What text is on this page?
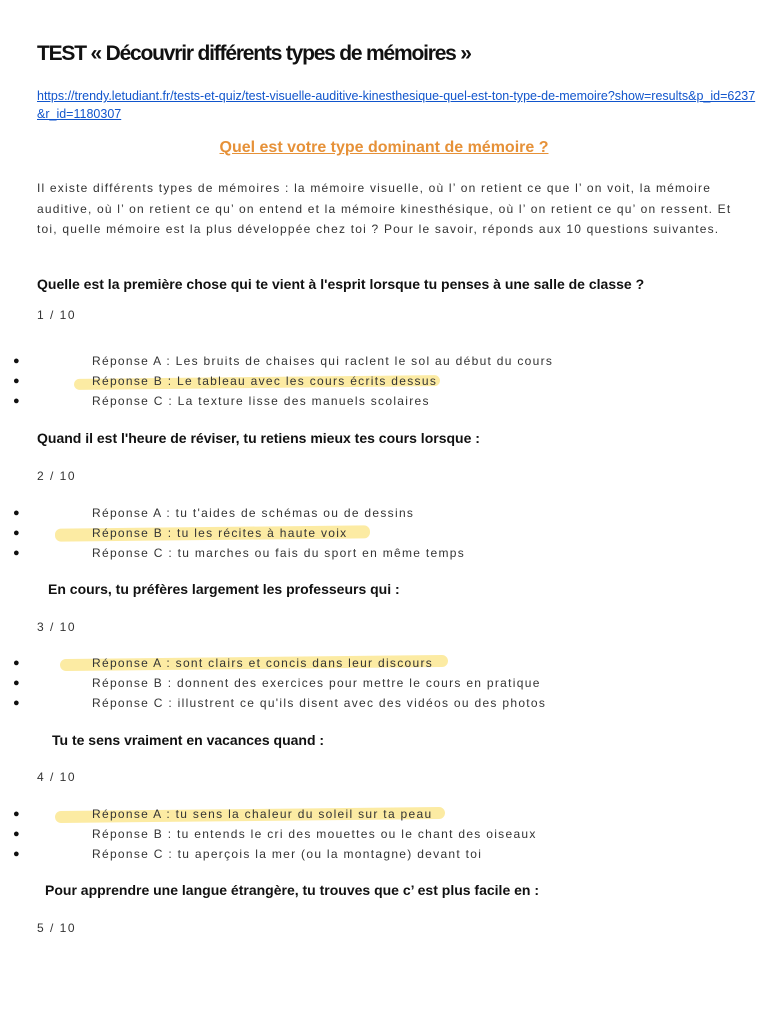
TEST « Découvrir différents types de mémoires »
https://trendy.letudiant.fr/tests-et-quiz/test-visuelle-auditive-kinesthesique-quel-est-ton-type-de-memoire?show=results&p_id=6237&r_id=1180307
Quel est votre type dominant de mémoire ?
Il existe différents types de mémoires : la mémoire visuelle, où l’ on retient ce que l’ on voit, la mémoire auditive, où l’ on retient ce qu’ on entend et la mémoire kinesthésique, où l’ on retient ce qu’ on ressent. Et toi, quelle mémoire est la plus développée chez toi ? Pour le savoir, réponds aux 10 questions suivantes.
Quelle est la première chose qui te vient à l'esprit lorsque tu penses à une salle de classe ?
1 / 10
●	Réponse A : Les bruits de chaises qui raclent le sol au début du cours
●	Réponse B : Le tableau avec les cours écrits dessus
●	Réponse C : La texture lisse des manuels scolaires
Quand il est l'heure de réviser, tu retiens mieux tes cours lorsque :
2 / 10
●	Réponse A : tu t'aides de schémas ou de dessins
●	Réponse B : tu les récites à haute voix
●	Réponse C : tu marches ou fais du sport en même temps
En cours, tu préfères largement les professeurs qui :
3 / 10
●	Réponse A : sont clairs et concis dans leur discours
●	Réponse B : donnent des exercices pour mettre le cours en pratique
●	Réponse C : illustrent ce qu'ils disent avec des vidéos ou des photos
Tu te sens vraiment en vacances quand :
4 / 10
●	Réponse A : tu sens la chaleur du soleil sur ta peau
●	Réponse B : tu entends le cri des mouettes ou le chant des oiseaux
●	Réponse C : tu aperçois la mer (ou la montagne) devant toi
Pour apprendre une langue étrangère, tu trouves que c’ est plus facile en :
5 / 10
